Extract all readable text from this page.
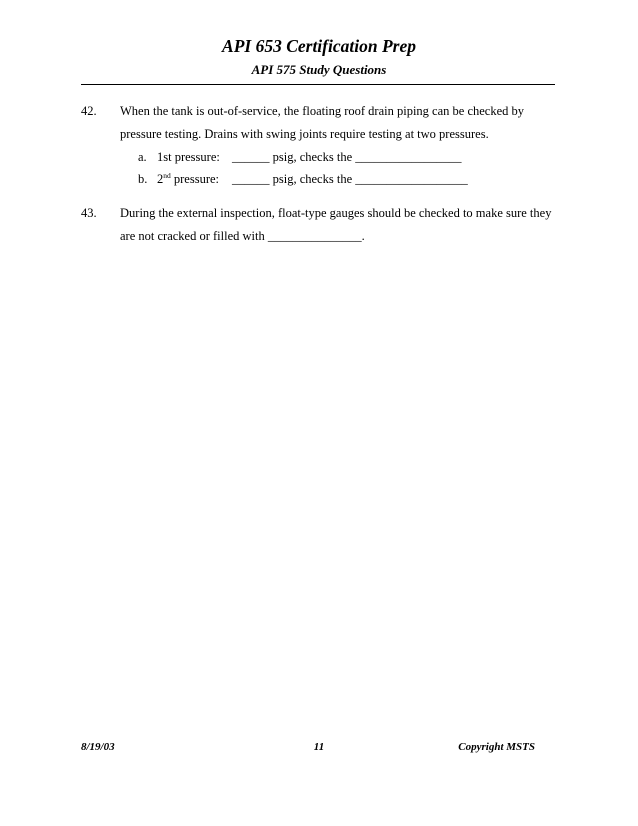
API 653 Certification Prep
API 575 Study Questions
42. When the tank is out-of-service, the floating roof drain piping can be checked by
pressure testing. Drains with swing joints require testing at two pressures.
a. 1st pressure: ______ psig, checks the _________________
b. 2nd pressure: ______ psig, checks the __________________
43. During the external inspection, float-type gauges should be checked to make sure they
are not cracked or filled with _______________.
8/19/03	11	Copyright MSTS
